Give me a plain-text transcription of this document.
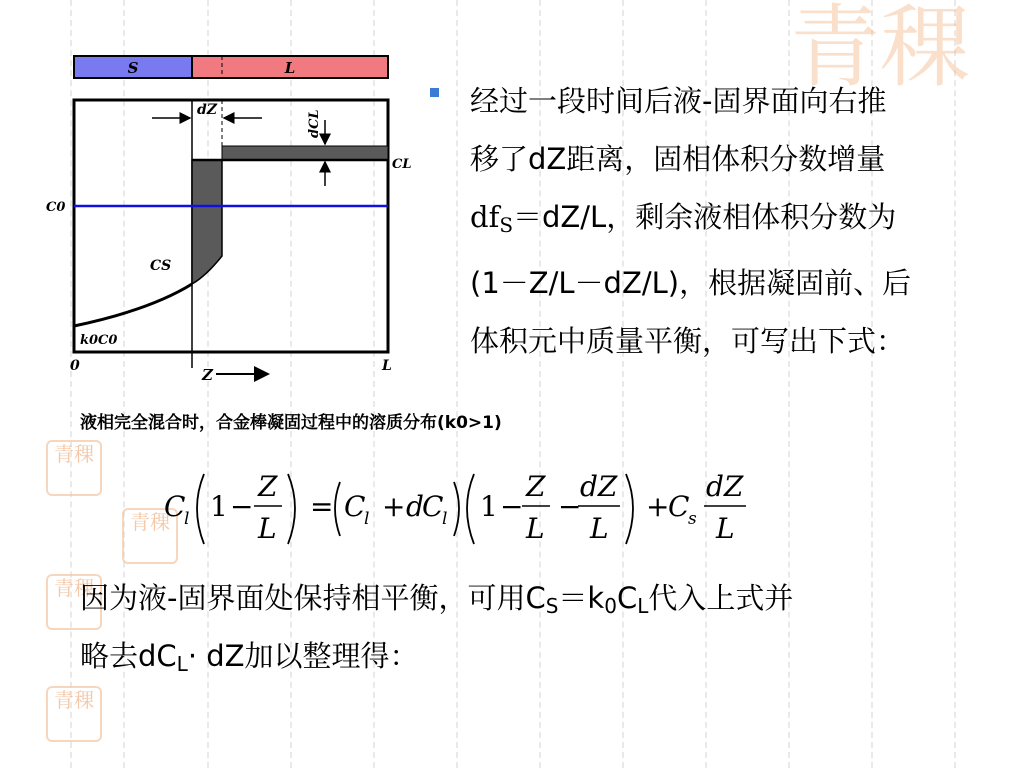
青稞
青稞
青稞
青稞
青稞
S	L
dZ	dCL
CL
C0
CS
k0C0
0	L
Z
经过一段时间后液-固界面向右推
移了dZ距离，固相体积分数增量
$df_S=dZ/L$，剩余液相体积分数为
(1－Z/L－dZ/L)，根据凝固前、后
体积元中质量平衡，可写出下式：
液相完全混合时，合金棒凝固过程中的溶质分布(k0>1)
C
l 1 −
Z
L
= C
l + d
C
l 1 −
Z
L
−
dZ
L
+
C
s
dZ
L
因为液-固界面处保持相平衡，可用$C_S=k_0C_L$代入上式并
略去$dC_L\cdot$ dZ加以整理得：
